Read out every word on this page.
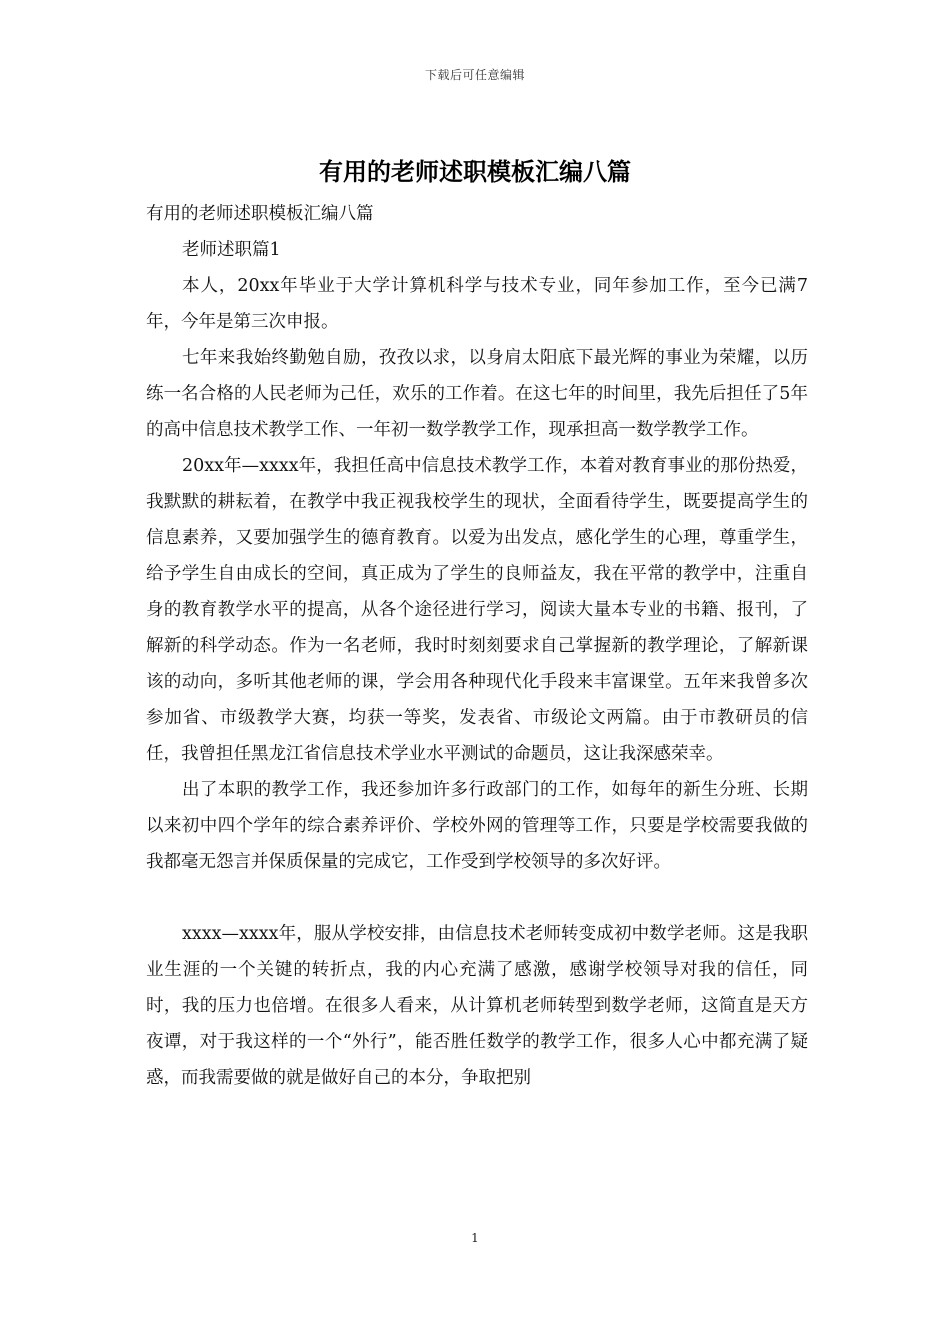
下载后可任意编辑
有用的老师述职模板汇编八篇

有用的老师述职模板汇编八篇

老师述职篇1

本人，20xx年毕业于大学计算机科学与技术专业，同年参加工作，至今已满7年，今年是第三次申报。

七年来我始终勤勉自励，孜孜以求，以身肩太阳底下最光辉的事业为荣耀，以历练一名合格的人民老师为己任，欢乐的工作着。在这七年的时间里，我先后担任了5年的高中信息技术教学工作、一年初一数学教学工作，现承担高一数学教学工作。

20xx年—xxxx年，我担任高中信息技术教学工作，本着对教育事业的那份热爱，我默默的耕耘着，在教学中我正视我校学生的现状，全面看待学生，既要提高学生的信息素养，又要加强学生的德育教育。以爱为出发点，感化学生的心理，尊重学生，给予学生自由成长的空间，真正成为了学生的良师益友，我在平常的教学中，注重自身的教育教学水平的提高，从各个途径进行学习，阅读大量本专业的书籍、报刊，了解新的科学动态。作为一名老师，我时时刻刻要求自己掌握新的教学理论，了解新课该的动向，多听其他老师的课，学会用各种现代化手段来丰富课堂。五年来我曾多次参加省、市级教学大赛，均获一等奖，发表省、市级论文两篇。由于市教研员的信任，我曾担任黑龙江省信息技术学业水平测试的命题员，这让我深感荣幸。

出了本职的教学工作，我还参加许多行政部门的工作，如每年的新生分班、长期以来初中四个学年的综合素养评价、学校外网的管理等工作，只要是学校需要我做的我都毫无怨言并保质保量的完成它，工作受到学校领导的多次好评。

xxxx—xxxx年，服从学校安排，由信息技术老师转变成初中数学老师。这是我职业生涯的一个关键的转折点，我的内心充满了感激，感谢学校领导对我的信任，同时，我的压力也倍增。在很多人看来，从计算机老师转型到数学老师，这简直是天方夜谭，对于我这样的一个“外行”，能否胜任数学的教学工作，很多人心中都充满了疑惑，而我需要做的就是做好自己的本分，争取把别

1
